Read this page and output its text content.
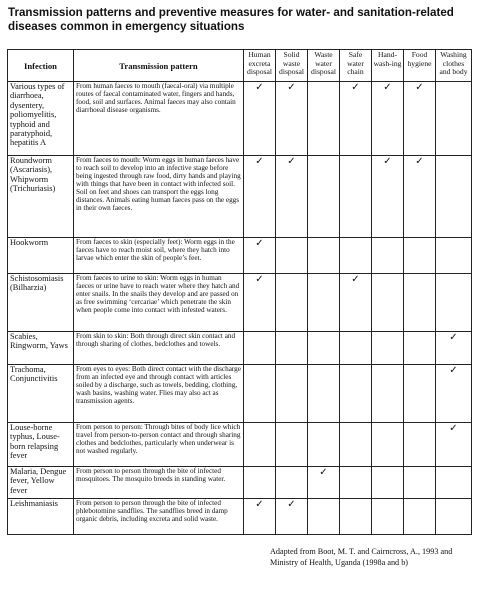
Transmission patterns and preventive measures for water- and sanitation-related diseases common in emergency situations
Infection	Transmission pattern	Human excreta disposal	Solid waste disposal	Waste water disposal	Safe water chain	Hand-wash-ing	Food hygiene	Washing clothes and body
Various types of diarrhoea, dysentery, poliomyelitis, typhoid and paratyphoid, hepatitis A	From human faeces to mouth (faecal-oral) via multiple routes of faecal contaminated water, fingers and hands, food, soil and surfaces. Animal faeces may also contain diarrhoeal disease organisms.	✓	✓		✓	✓	✓	
Roundworm (Ascariasis), Whipworm (Trichuriasis)	From faeces to mouth: Worm eggs in human faeces have to reach soil to develop into an infective stage before being ingested through raw food, dirty hands and playing with things that have been in contact with infected soil. Soil on feet and shoes can transport the eggs long distances. Animals eating human faeces pass on the eggs in their own faeces.	✓	✓			✓	✓	
Hookworm	From faeces to skin (especially feet): Worm eggs in the faeces have to reach moist soil, where they hatch into larvae which enter the skin of people’s feet.	✓						
Schistosomiasis (Bilharzia)	From faeces to urine to skin: Worm eggs in human faeces or urine have to reach water where they hatch and enter snails. In the snails they develop and are passed on as free swimming ‘cercariae’ which penetrate the skin when people come into contact with infested waters.	✓			✓			
Scabies, Ringworm, Yaws	From skin to skin: Both through direct skin contact and through sharing of clothes, bedclothes and towels.							✓
Trachoma, Conjunctivitis	From eyes to eyes: Both direct contact with the discharge from an infected eye and through contact with articles soiled by a discharge, such as towels, bedding, clothing, wash basins, washing water. Flies may also act as transmission agents.							✓
Louse-borne typhus, Louse-born relapsing fever	From person to person: Through bites of body lice which travel from person-to-person contact and through sharing clothes and bedclothes, particularly when underwear is not washed regularly.							✓
Malaria, Dengue fever, Yellow fever	From person to person through the bite of infected mosquitoes. The mosquito breeds in standing water.			✓				
Leishmaniasis	From person to person through the bite of infected phlebotomine sandflies. The sandflies breed in damp organic debris, including excreta and solid waste.	✓	✓					

Adapted from Boot, M. T. and Cairncross, A., 1993 and Ministry of Health, Uganda (1998a and b)
